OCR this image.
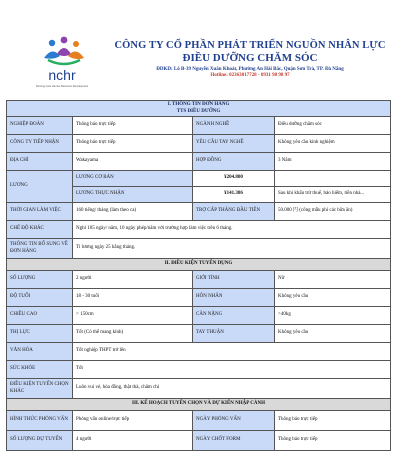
nchr
Nursing Care Human Resource Development
CÔNG TY CỔ PHẦN PHÁT TRIỂN NGUỒN NHÂN LỰC
ĐIỀU DƯỠNG CHĂM SÓC
ĐDKD: Lô B-39 Nguyễn Xuân Khoát, Phường An Hải Bắc, Quận Sơn Trà, TP. Đà Nẵng
Hotline: 02363817728 - 0931 98 98 97
I. THÔNG TIN ĐƠN HÀNG
TTS ĐIỀU DƯỠNG			

NGHIỆP ĐOÀN	Thông báo trực tiếp	NGÀNH NGHỀ	Điều dưỡng chăm sóc
CÔNG TY TIẾP NHẬN	Thông báo trực tiếp	YÊU CẦU TAY NGHỀ	Không yêu cầu kinh nghiệm
ĐỊA CHỈ	Wakayama	HỢP ĐỒNG	3 Năm
LƯƠNG	LƯƠNG CƠ BẢN	¥204.800	
	LƯƠNG THỰC NHẬN	¥141.386	Sau khi khấu trừ thuế, bảo hiểm, tiền nhà...
THỜI GIAN LÀM VIỆC	160 tiếng/ tháng (làm theo ca)	TRỢ CẤP THÁNG ĐẦU TIÊN	50.000 円 (công mẫu phí các bữa ăn)
CHẾ ĐỘ KHÁC	Nghỉ 105 ngày/ năm, 10 ngày phép/năm với trường hợp làm việc trên 6 tháng.		
THÔNG TIN BỔ SUNG VỀ ĐƠN HÀNG	Tỉ lương ngày 25 hằng tháng.		
II. ĐIỀU KIỆN TUYỂN DỤNG			
SỐ LƯỢNG	2 người	GIỚI TÍNH	Nữ
ĐỘ TUỔI	18 - 30 tuổi	HÔN NHÂN	Không yêu cầu
CHIỀU CAO	> 150cm	CÂN NẶNG	>40kg
THỊ LỰC	Tốt (Có thể mang kính)	TAY THUẬN	Không yêu cầu
VĂN HÓA	Tốt nghiệp THPT trở lên		
SỨC KHỎE	Tốt		
ĐIỀU KIỆN TUYỂN CHỌN KHÁC	Luôn vui vẻ, hòa đồng, thật thà, chăm chỉ		
III. KẾ HOẠCH TUYỂN CHỌN VÀ DỰ KIẾN NHẬP CẢNH			
HÌNH THỨC PHỎNG VẤN	Phỏng vấn online/trực tiếp	NGÀY PHỎNG VẤN	Thông báo trực tiếp
SỐ LƯỢNG DỰ TUYỂN	4 người	NGÀY CHỐT FORM	Thông báo trực tiếp
